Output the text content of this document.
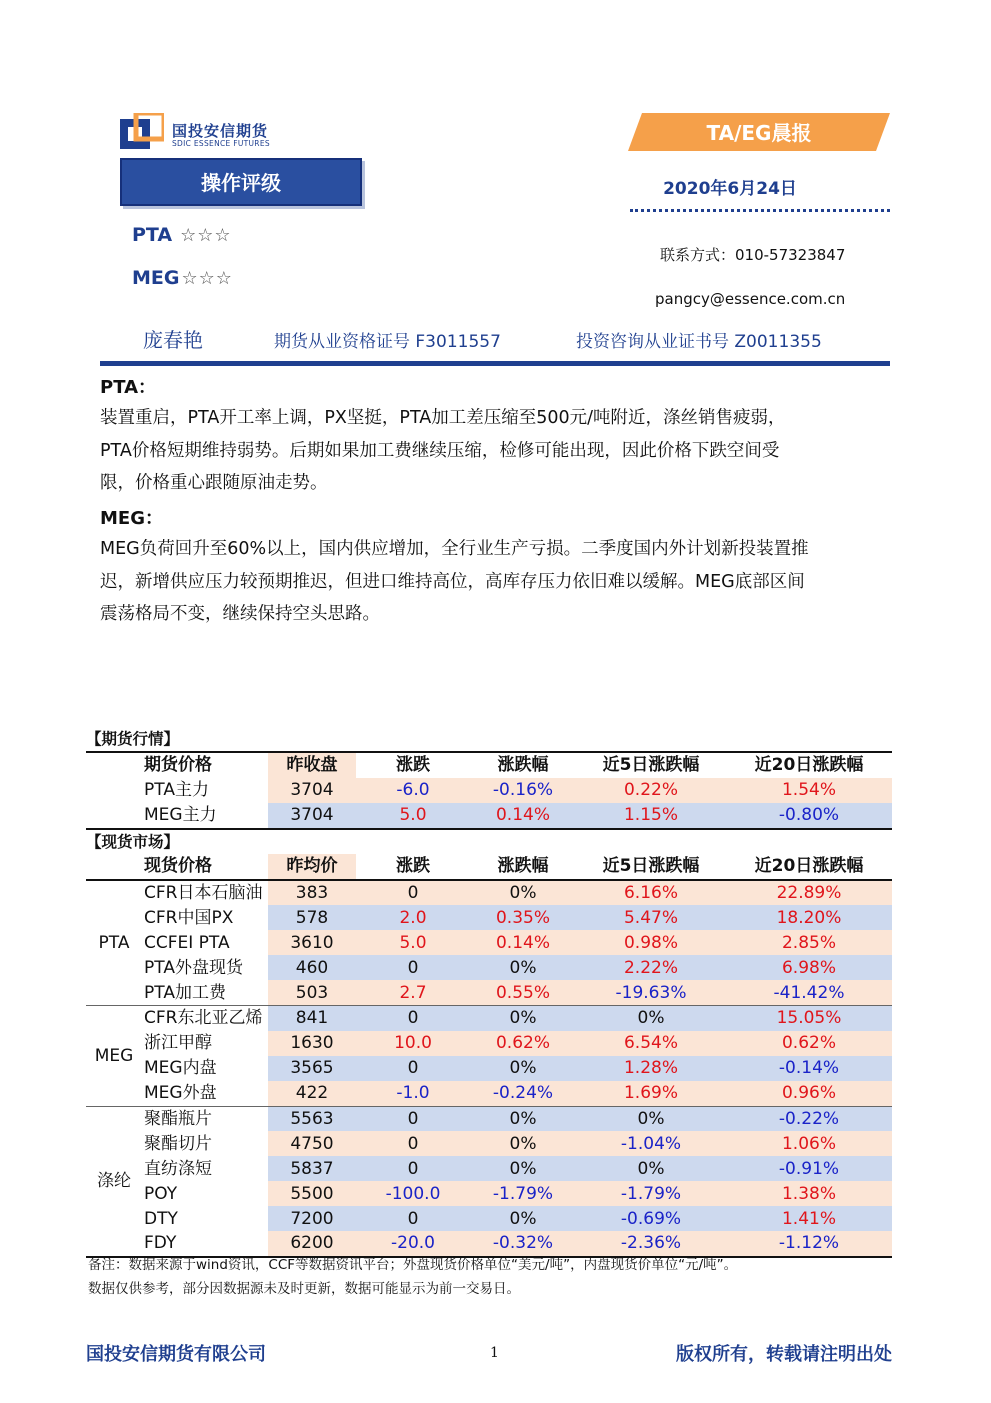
国投安信期货
SDIC ESSENCE FUTURES
操作评级
PTA ☆☆☆
MEG ☆☆☆
TA/EG晨报
2020年6月24日
联系方式：010-57323847
pangcy@essence.com.cn
庞春艳	期货从业资格证号 F3011557	投资咨询从业证书号 Z0011355
PTA：
装置重启，PTA开工率上调，PX坚挺，PTA加工差压缩至500元/吨附近，涤丝销售疲弱，
PTA价格短期维持弱势。后期如果加工费继续压缩，检修可能出现，因此价格下跌空间受
限，价格重心跟随原油走势。
MEG：
MEG负荷回升至60%以上，国内供应增加，全行业生产亏损。二季度国内外计划新投装置推
迟，新增供应压力较预期推迟，但进口维持高位，高库存压力依旧难以缓解。MEG底部区间
震荡格局不变，继续保持空头思路。
【期货行情】
	期货价格	昨收盘	涨跌	涨跌幅	近5日涨跌幅	近20日涨跌幅
	PTA主力	3704	-6.0	-0.16%	0.22%	1.54%
	MEG主力	3704	5.0	0.14%	1.15%	-0.80%
【现货市场】
	现货价格	昨均价	涨跌	涨跌幅	近5日涨跌幅	近20日涨跌幅
PTA	CFR日本石脑油	383	0	0%	6.16%	22.89%
	CFR中国PX	578	2.0	0.35%	5.47%	18.20%
	CCFEI PTA	3610	5.0	0.14%	0.98%	2.85%
	PTA外盘现货	460	0	0%	2.22%	6.98%
	PTA加工费	503	2.7	0.55%	-19.63%	-41.42%
MEG	CFR东北亚乙烯	841	0	0%	0%	15.05%
	浙江甲醇	1630	10.0	0.62%	6.54%	0.62%
	MEG内盘	3565	0	0%	1.28%	-0.14%
	MEG外盘	422	-1.0	-0.24%	1.69%	0.96%
涤纶	聚酯瓶片	5563	0	0%	0%	-0.22%
	聚酯切片	4750	0	0%	-1.04%	1.06%
	直纺涤短	5837	0	0%	0%	-0.91%
	POY	5500	-100.0	-1.79%	-1.79%	1.38%
	DTY	7200	0	0%	-0.69%	1.41%
	FDY	6200	-20.0	-0.32%	-2.36%	-1.12%
备注：数据来源于wind资讯，CCF等数据资讯平台；外盘现货价格单位“美元/吨”，内盘现货价单位“元/吨”。
数据仅供参考，部分因数据源未及时更新，数据可能显示为前一交易日。
国投安信期货有限公司	1	版权所有，转载请注明出处
